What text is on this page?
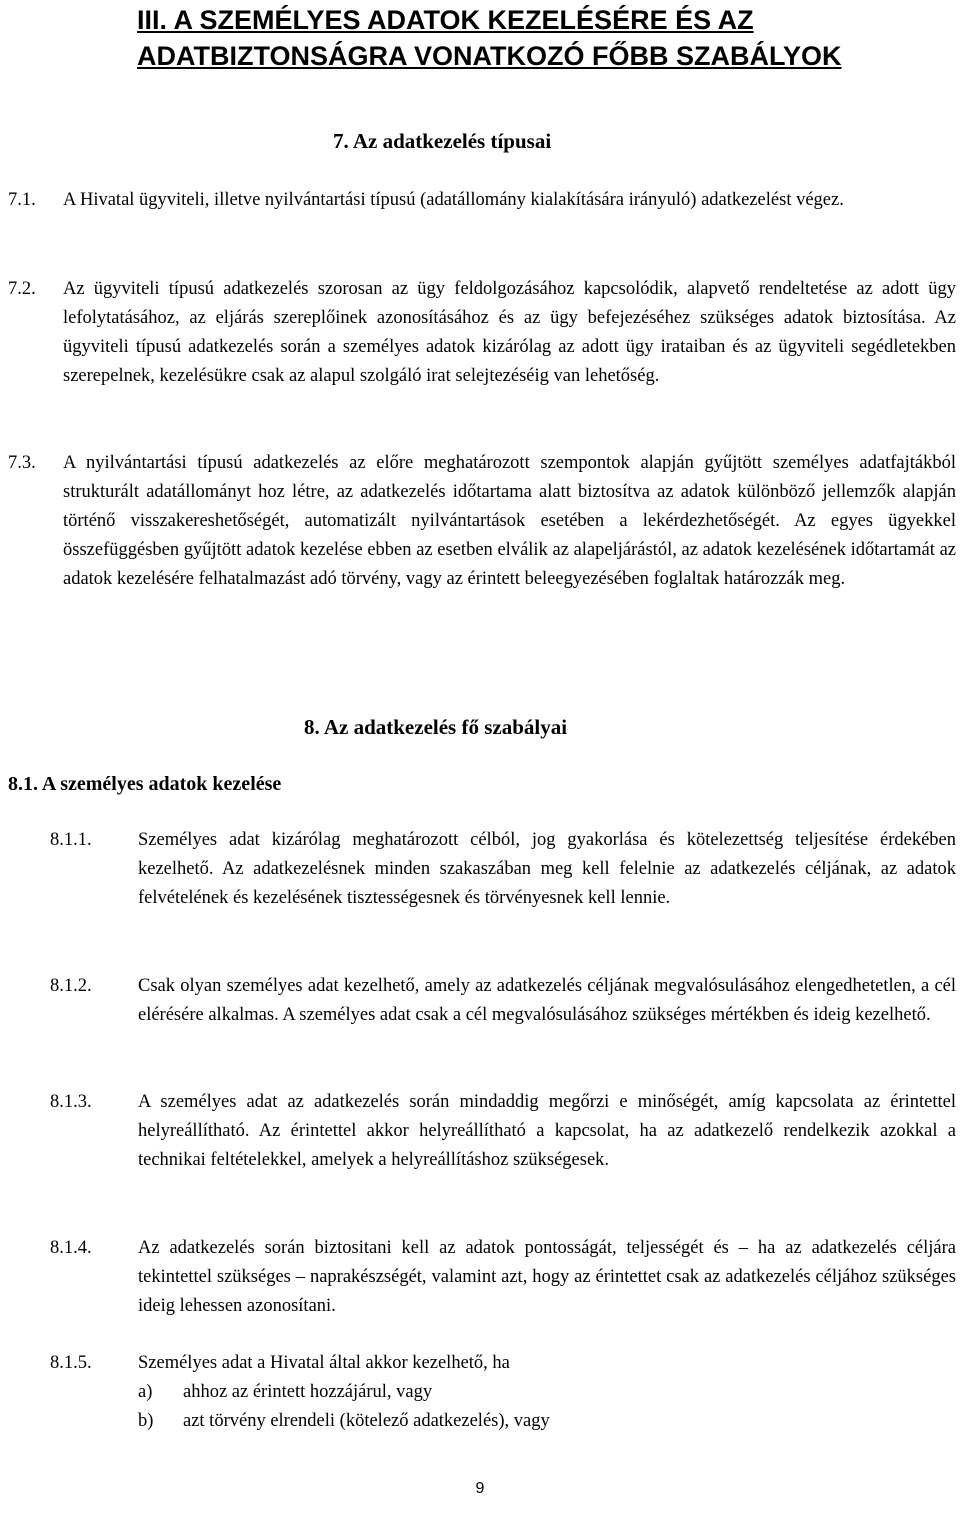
III. A SZEMÉLYES ADATOK KEZELÉSÉRE ÉS AZ ADATBIZTONSÁGRA VONATKOZÓ FŐBB SZABÁLYOK
7. Az adatkezelés típusai
7.1. A Hivatal ügyviteli, illetve nyilvántartási típusú (adatállomány kialakítására irányuló) adatkezelést végez.

7.2. Az ügyviteli típusú adatkezelés szorosan az ügy feldolgozásához kapcsolódik, alapvető rendeltetése az adott ügy lefolytatásához, az eljárás szereplőinek azonosításához és az ügy befejezéséhez szükséges adatok biztosítása. Az ügyviteli típusú adatkezelés során a személyes adatok kizárólag az adott ügy irataiban és az ügyviteli segédletekben szerepelnek, kezelésükre csak az alapul szolgáló irat selejtezéséig van lehetőség.

7.3. A nyilvántartási típusú adatkezelés az előre meghatározott szempontok alapján gyűjtött személyes adatfajtákból strukturált adatállományt hoz létre, az adatkezelés időtartama alatt biztosítva az adatok különböző jellemzők alapján történő visszakereshetőségét, automatizált nyilvántartások esetében a lekérdezhetőségét. Az egyes ügyekkel összefüggésben gyűjtött adatok kezelése ebben az esetben elválik az alapeljárástól, az adatok kezelésének időtartamát az adatok kezelésére felhatalmazást adó törvény, vagy az érintett beleegyezésében foglaltak határozzák meg.

8. Az adatkezelés fő szabályai
8.1. A személyes adatok kezelése
8.1.1.	Személyes adat kizárólag meghatározott célból, jog gyakorlása és kötelezettség teljesítése érdekében kezelhető. Az adatkezelésnek minden szakaszában meg kell felelnie az adatkezelés céljának, az adatok felvételének és kezelésének tisztességesnek és törvényesnek kell lennie.

8.1.2.	Csak olyan személyes adat kezelhető, amely az adatkezelés céljának megvalósulásához elengedhetetlen, a cél elérésére alkalmas. A személyes adat csak a cél megvalósulásához szükséges mértékben és ideig kezelhető.

8.1.3.	A személyes adat az adatkezelés során mindaddig megőrzi e minőségét, amíg kapcsolata az érintettel helyreállítható. Az érintettel akkor helyreállítható a kapcsolat, ha az adatkezelő rendelkezik azokkal a technikai feltételekkel, amelyek a helyreállításhoz szükségesek.

8.1.4.	Az adatkezelés során biztositani kell az adatok pontosságát, teljességét és – ha az adatkezelés céljára tekintettel szükséges – naprakészségét, valamint azt, hogy az érintettet csak az adatkezelés céljához szükséges ideig lehessen azonosítani.

8.1.5.	Személyes adat a Hivatal által akkor kezelhető, ha

a) ahhoz az érintett hozzájárul, vagy
b) azt törvény elrendeli (kötelező adatkezelés), vagy
9
